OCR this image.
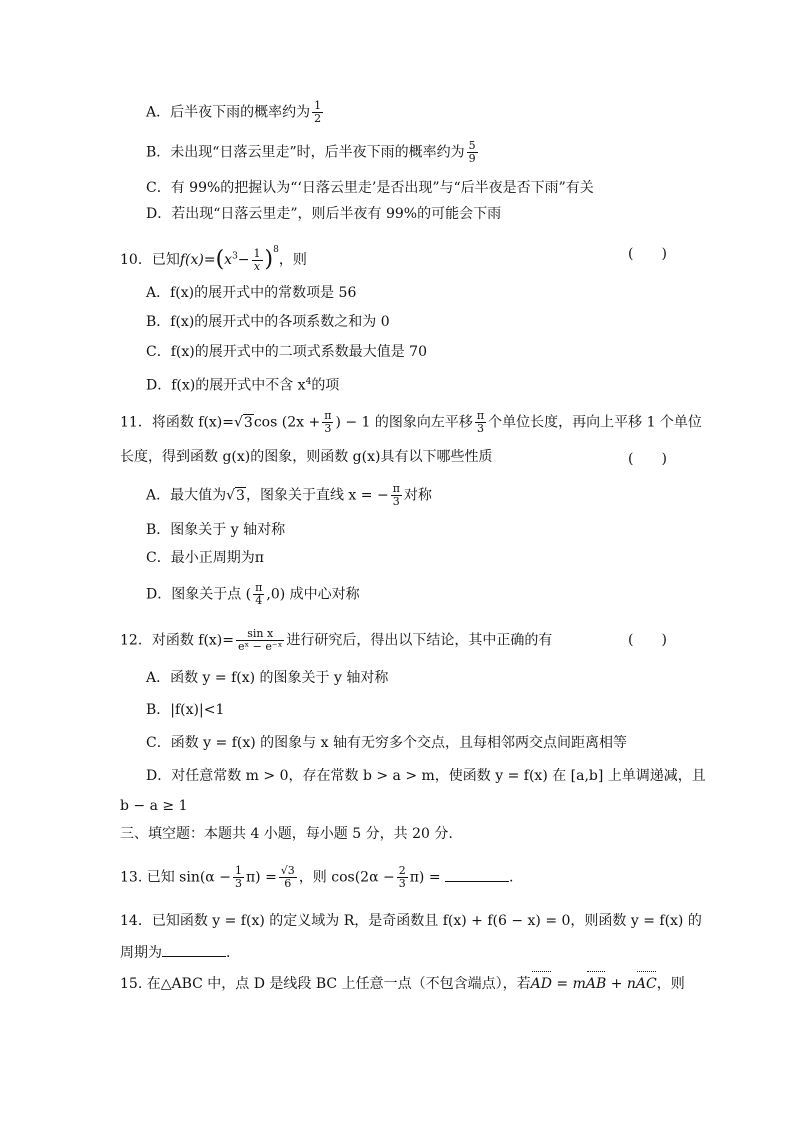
A．后半夜下雨的概率约为 $\frac{1}{2}$
B．未出现“日落云里走”时，后半夜下雨的概率约为 $\frac{5}{9}$
C．有 99%的把握认为“‘日落云里走’是否出现”与“后半夜是否下雨”有关
D．若出现“日落云里走”，则后半夜有 99%的可能会下雨
10．已知$f(x)=(x^3- \frac{1}{x} )^8$，则	(　　)
A．f(x)的展开式中的常数项是 56
B．f(x)的展开式中的各项系数之和为 0
C．f(x)的展开式中的二项式系数最大值是 70
D．f(x)的展开式中不含 $x^4$的项
11．将函数 f(x)=√3cos ($2x + \frac{\pi}{3}$ ) − 1 的图象向左平移 $\frac{\pi}{3}$ 个单位长度，再向上平移 1 个单位
长度，得到函数 g(x)的图象，则函数 g(x)具有以下哪些性质	(　　)
A．最大值为√3，图象关于直线 x = − $\frac{\pi}{3}$ 对称
B．图象关于 y 轴对称
C．最小正周期为π
D．图象关于点 ( $\frac{\pi}{4} ,0$) 成中心对称
12．对函数 $f(x)= \frac{\text{sin x}}{\text{eˣ − e⁻ˣ}}$ 进行研究后，得出以下结论，其中正确的有	(　　)
A．函数 y = f(x) 的图象关于 y 轴对称
B．|f(x)|<1
C．函数 y = f(x) 的图象与 x 轴有无穷多个交点，且每相邻两交点间距离相等
D．对任意常数 m > 0，存在常数 b > a > m，使函数 y = f(x) 在 [a,b] 上单调递减，且
b − a ≥ 1
三、填空题：本题共 4 小题，每小题 5 分，共 20 分.
13. 已知 $\sin(\alpha - \frac{1}{3} \pi) = \frac{√3}{6}$ ，则 $\cos(2\alpha - \frac{2}{3} \pi)$ =	.
14．已知函数 y = f(x) 的定义域为 R，是奇函数且 f(x) + f(6 − x) = 0，则函数 y = f(x) 的
周期为	.
15. 在△ABC 中，点 D 是线段 BC 上任意一点（不包含端点），若AD = mAB + nAC，则
